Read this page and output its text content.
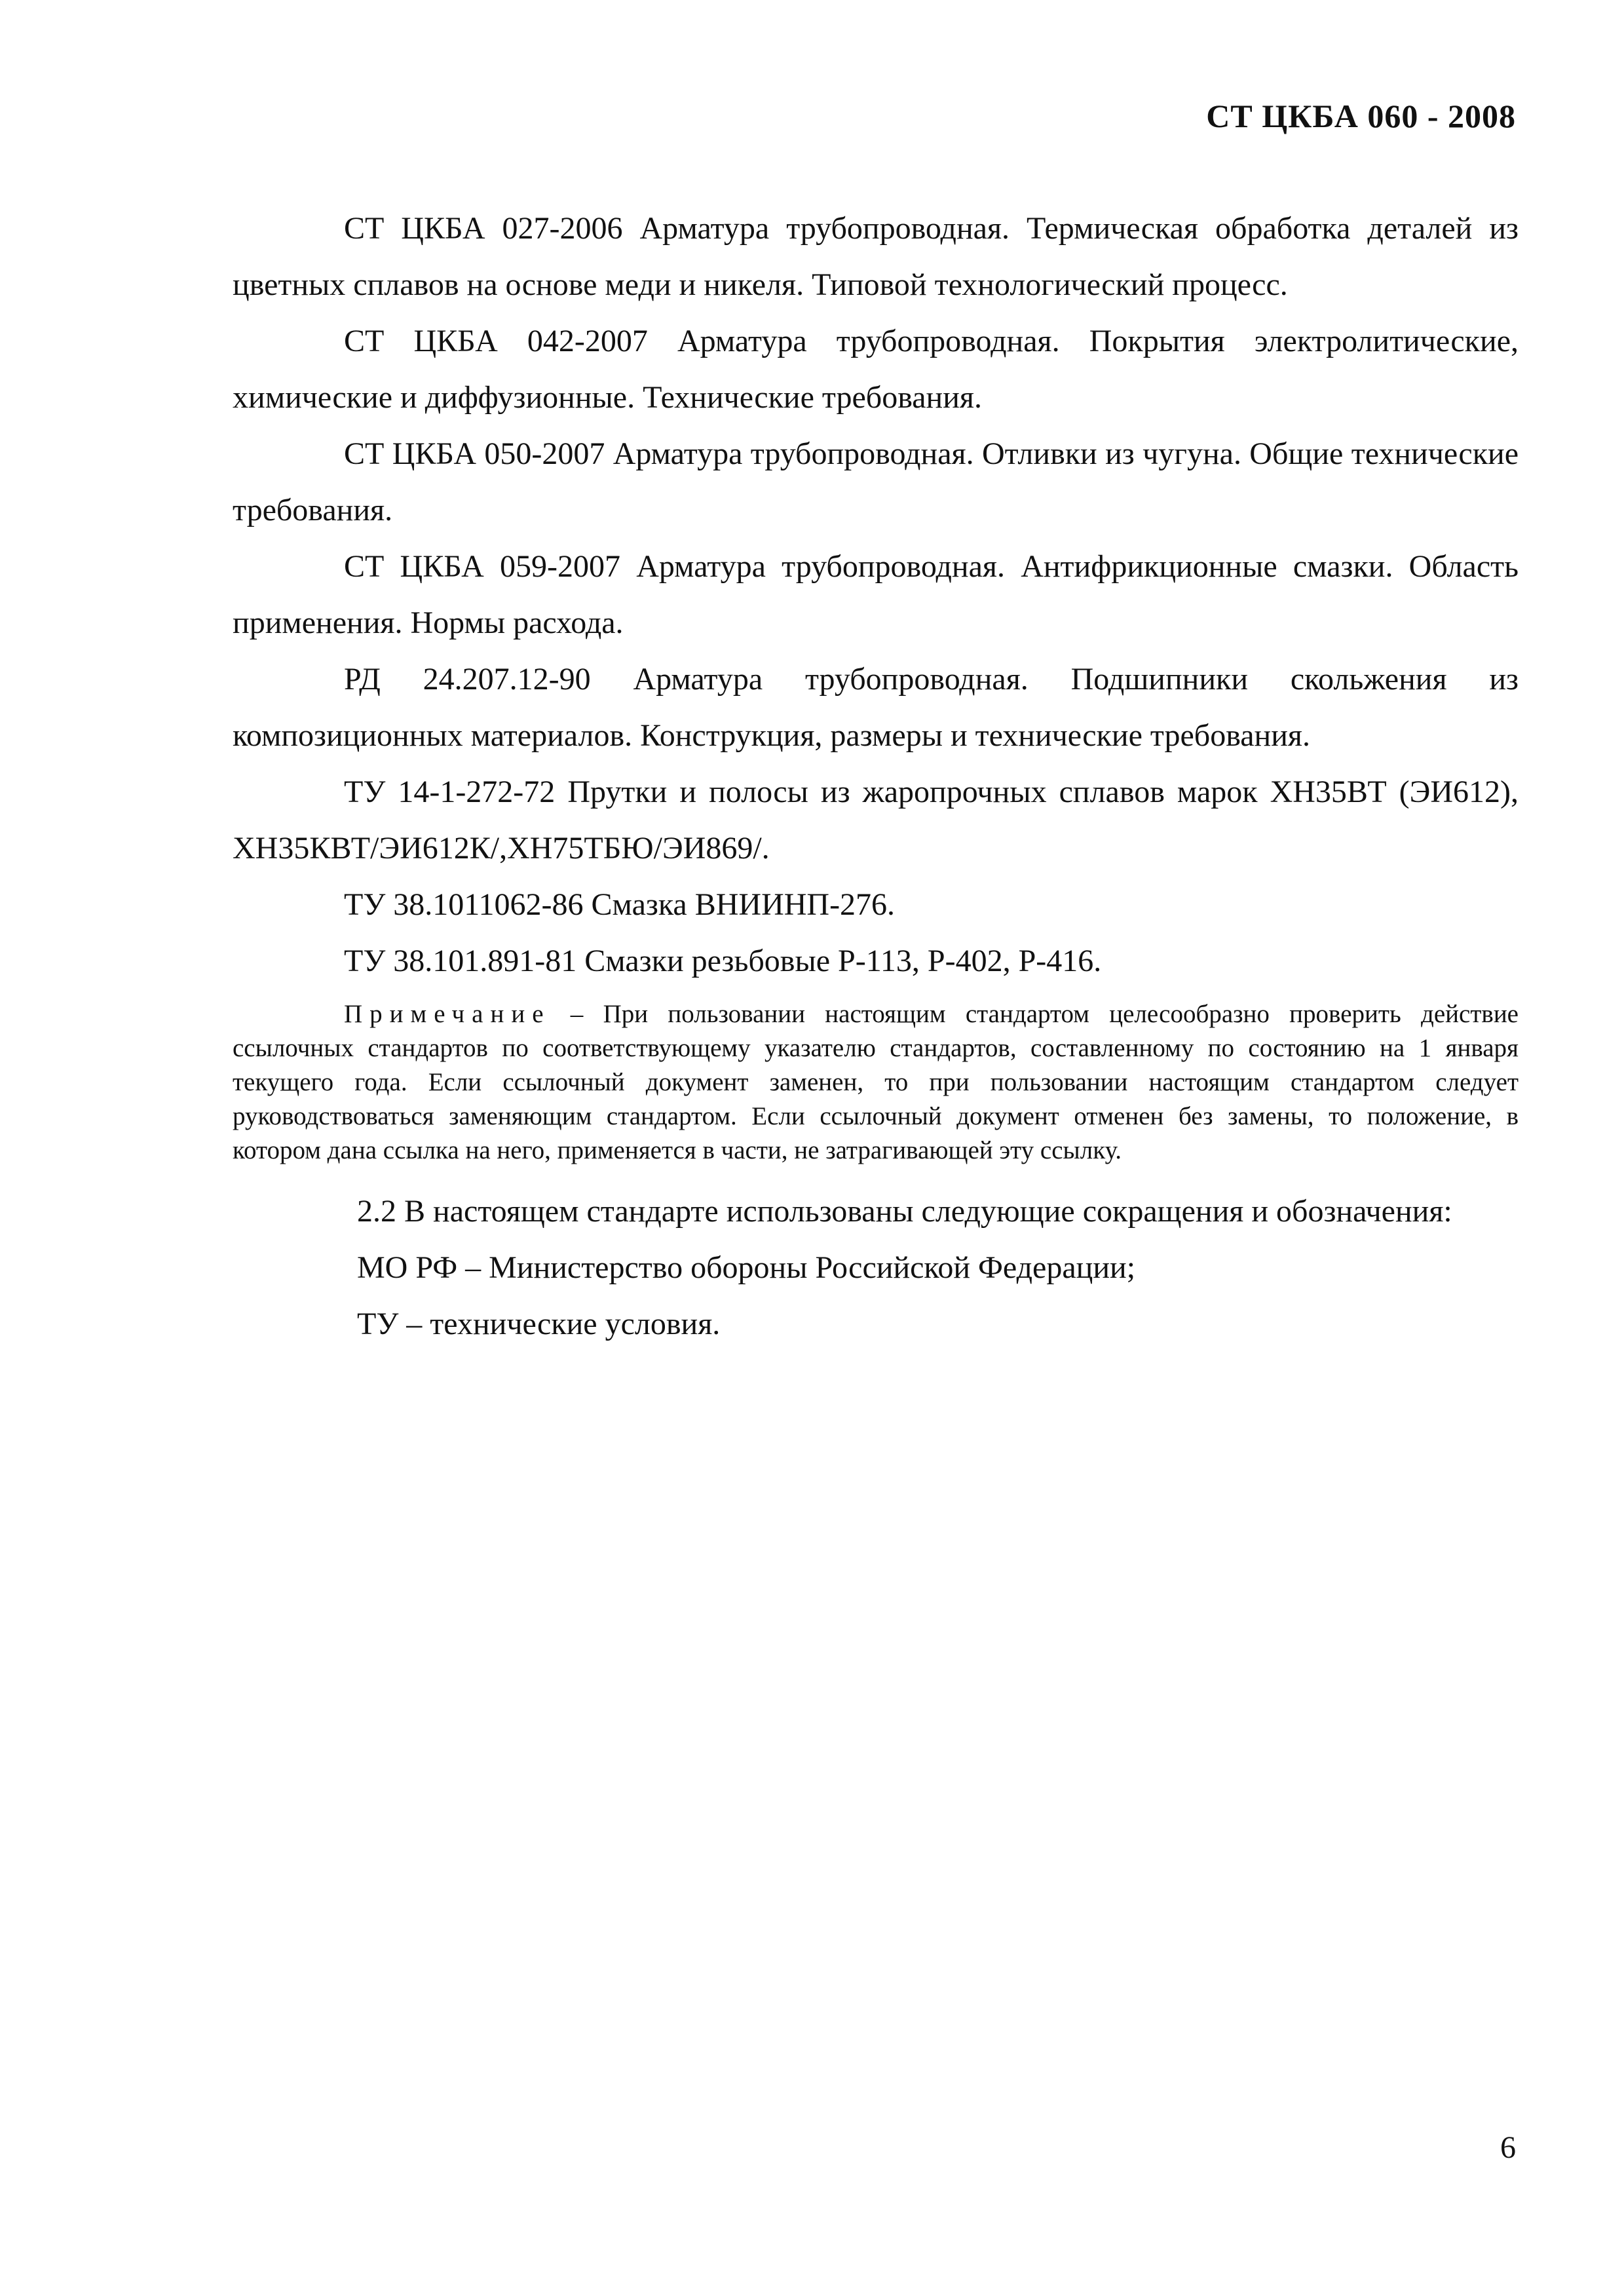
СТ ЦКБА 060 - 2008

СТ ЦКБА 027-2006 Арматура трубопроводная. Термическая обработка деталей из цветных сплавов на основе меди и никеля. Типовой технологический процесс.

СТ ЦКБА 042-2007 Арматура трубопроводная. Покрытия электролитические, химические и диффузионные. Технические требования.

СТ ЦКБА 050-2007 Арматура трубопроводная. Отливки из чугуна. Общие технические требования.

СТ ЦКБА 059-2007 Арматура трубопроводная. Антифрикционные смазки. Область применения. Нормы расхода.

РД 24.207.12-90 Арматура трубопроводная. Подшипники скольжения из композиционных материалов. Конструкция, размеры и технические требования.

ТУ 14-1-272-72 Прутки и полосы из жаропрочных сплавов марок ХН35ВТ (ЭИ612), ХН35КВТ/ЭИ612К/,ХН75ТБЮ/ЭИ869/.

ТУ 38.1011062-86 Смазка ВНИИНП-276.

ТУ 38.101.891-81 Смазки резьбовые Р-113, Р-402, Р-416.

Примечание – При пользовании настоящим стандартом целесообразно проверить действие ссылочных стандартов по соответствующему указателю стандартов, составленному по состоянию на 1 января текущего года. Если ссылочный документ заменен, то при пользовании настоящим стандартом следует руководствоваться заменяющим стандартом. Если ссылочный документ отменен без замены, то положение, в котором дана ссылка на него, применяется в части, не затрагивающей эту ссылку.

2.2 В настоящем стандарте использованы следующие сокращения и обозначения:

МО РФ – Министерство обороны Российской Федерации;

ТУ – технические условия.

6
